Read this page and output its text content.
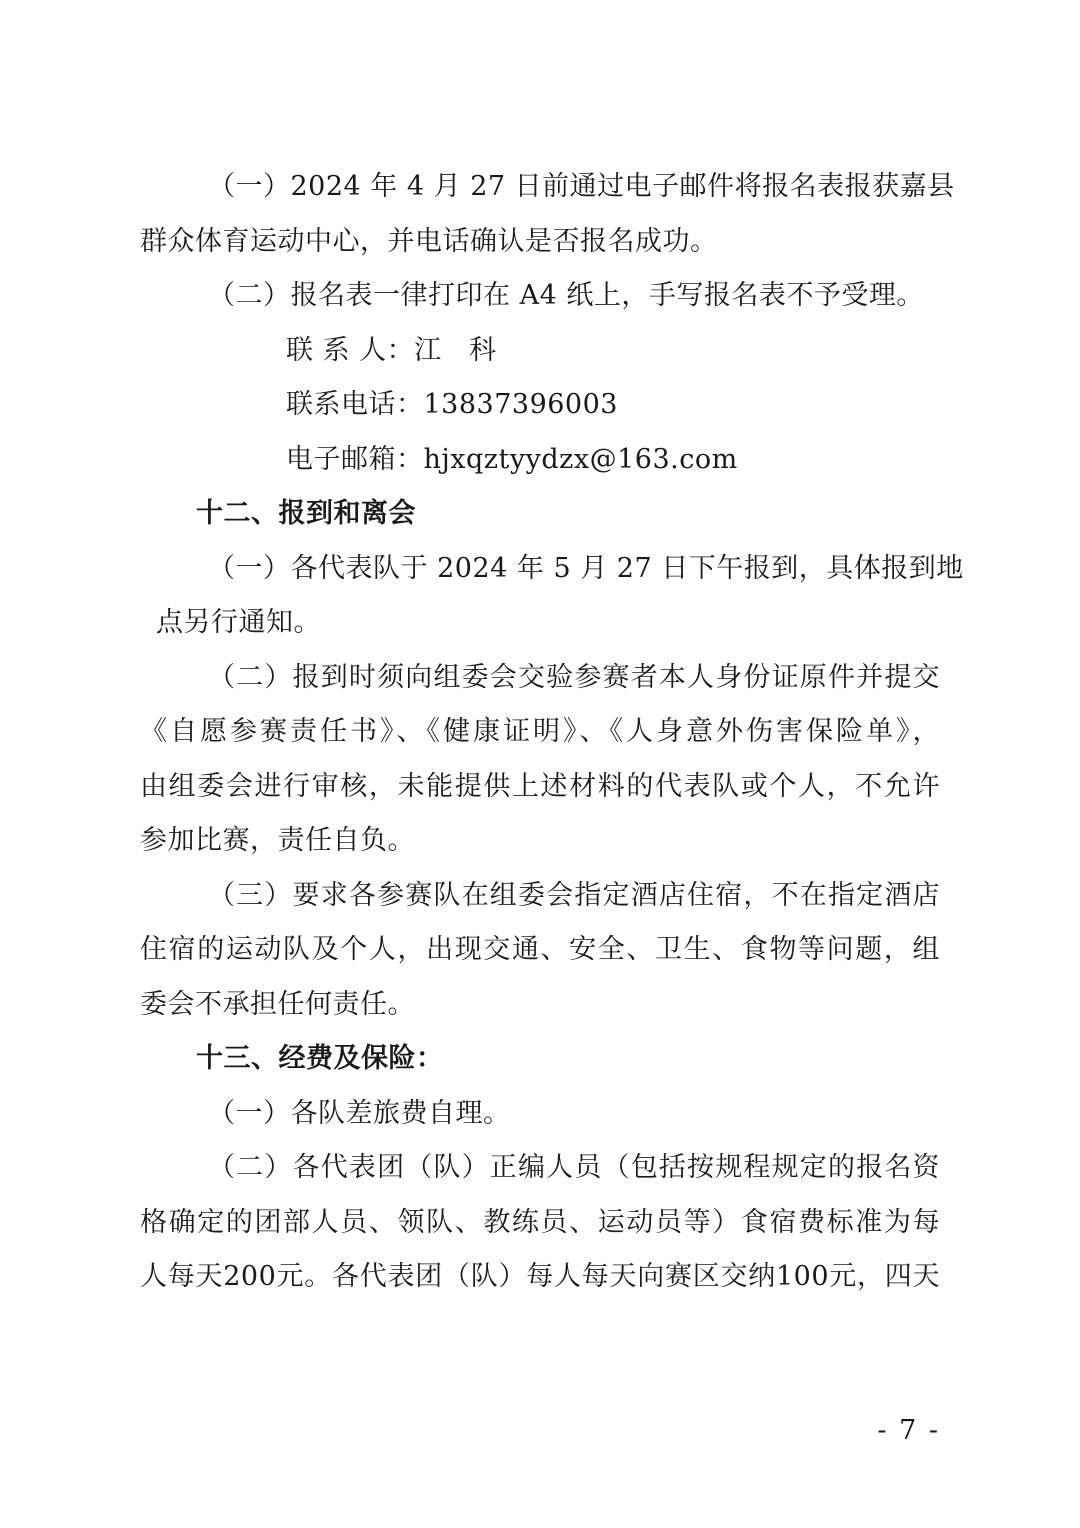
（一）2024 年 4 月 27 日前通过电子邮件将报名表报获嘉县
群众体育运动中心，并电话确认是否报名成功。
（二）报名表一律打印在 A4 纸上，手写报名表不予受理。
联 系 人：江　科
联系电话：13837396003
电子邮箱：hjxqztyydzx@163.com
十二、报到和离会
（一）各代表队于 2024 年 5 月 27 日下午报到，具体报到地
点另行通知。
（二）报到时须向组委会交验参赛者本人身份证原件并提交
《自愿参赛责任书》、《健康证明》、《人身意外伤害保险单》，
由组委会进行审核，未能提供上述材料的代表队或个人，不允许
参加比赛，责任自负。
（三）要求各参赛队在组委会指定酒店住宿，不在指定酒店
住宿的运动队及个人，出现交通、安全、卫生、食物等问题，组
委会不承担任何责任。
十三、经费及保险：
（一）各队差旅费自理。
（二）各代表团（队）正编人员（包括按规程规定的报名资
格确定的团部人员、领队、教练员、运动员等）食宿费标准为每
人每天200元。各代表团（队）每人每天向赛区交纳100元，四天
- 7 -
